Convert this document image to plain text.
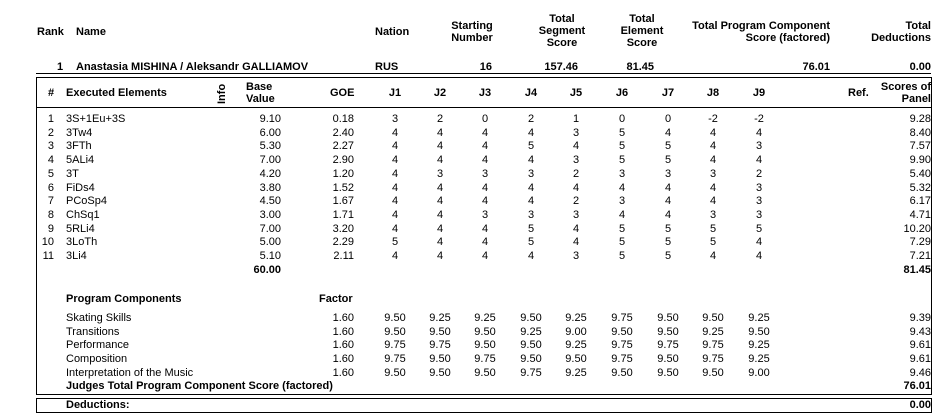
Rank Name	Nation	Starting
Number
Total
Segment
Score
Total
Element
Score
Total Program Component
Score (factored)
Total
Deductions
1 Anastasia MISHINA / Aleksandr GALLIAMOV	RUS	16	157.46	81.45	76.01	0.00
# Executed Elements	Info Base
Value	GOE	J1	J2	J3	J4	J5	J6	J7	J8	J9	Ref.	Scores of
Panel
1 3S+1Eu+3S	9.10	0.18	3	2	0	2	1	0	0	-2	-2	9.28
2 3Tw4	6.00	2.40	4	4	4	4	3	5	4	4	4	8.40
3 3FTh	5.30	2.27	4	4	4	5	4	5	5	4	3	7.57
4 5ALi4	7.00	2.90	4	4	4	4	3	5	5	4	4	9.90
5 3T	4.20	1.20	4	3	3	3	2	3	3	3	2	5.40
6 FiDs4	3.80	1.52	4	4	4	4	4	4	4	4	3	5.32
7 PCoSp4	4.50	1.67	4	4	4	4	2	3	4	4	3	6.17
8 ChSq1	3.00	1.71	4	4	3	3	3	4	4	3	3	4.71
9 5RLi4	7.00	3.20	4	4	4	5	4	5	5	5	5	10.20
10 3LoTh	5.00	2.29	5	4	4	5	4	5	5	5	4	7.29
11 3Li4	5.10	2.11	4	4	4	4	3	5	5	4	4	7.21
60.00	81.45
Program Components	Factor
Skating Skills	1.60	9.50	9.25	9.25	9.50	9.25	9.75	9.50	9.50	9.25	9.39
Transitions	1.60	9.50	9.50	9.50	9.25	9.00	9.50	9.50	9.25	9.50	9.43
Performance	1.60	9.75	9.75	9.50	9.50	9.25	9.75	9.75	9.75	9.25	9.61
Composition	1.60	9.75	9.50	9.75	9.50	9.50	9.75	9.50	9.75	9.25	9.61
Interpretation of the Music	1.60	9.50	9.50	9.50	9.75	9.25	9.50	9.50	9.50	9.00	9.46
Judges Total Program Component Score (factored)	76.01
Deductions:	0.00
